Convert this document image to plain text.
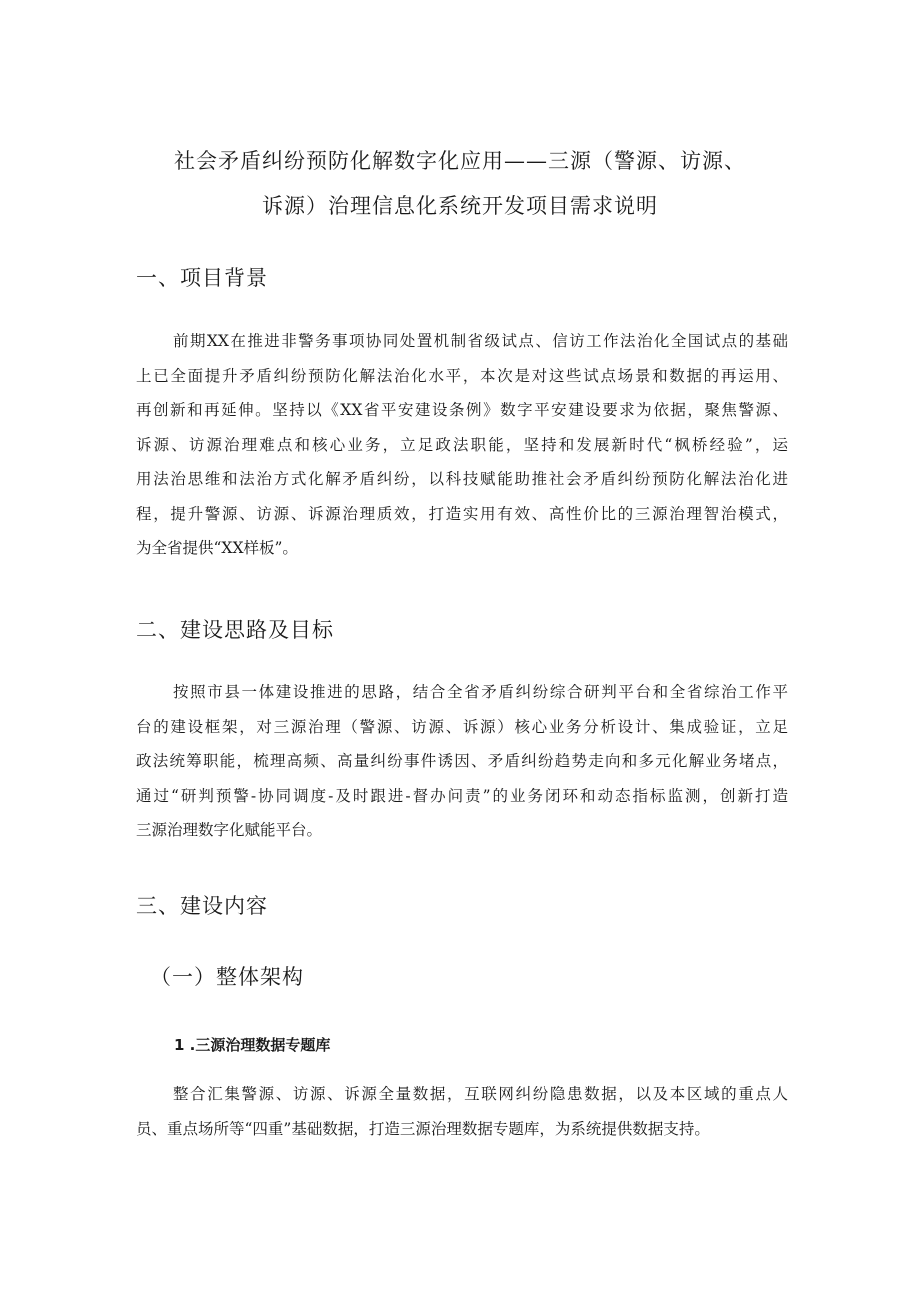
社会矛盾纠纷预防化解数字化应用——三源（警源、访源、
诉源）治理信息化系统开发项目需求说明
一、项目背景
前期XX在推进非警务事项协同处置机制省级试点、信访工作法治化全国试点的基础
上已全面提升矛盾纠纷预防化解法治化水平，本次是对这些试点场景和数据的再运用、
再创新和再延伸。坚持以《XX省平安建设条例》数字平安建设要求为依据，聚焦警源、
诉源、访源治理难点和核心业务，立足政法职能，坚持和发展新时代“枫桥经验”，运
用法治思维和法治方式化解矛盾纠纷，以科技赋能助推社会矛盾纠纷预防化解法治化进
程，提升警源、访源、诉源治理质效，打造实用有效、高性价比的三源治理智治模式，
为全省提供“XX样板”。
二、建设思路及目标
按照市县一体建设推进的思路，结合全省矛盾纠纷综合研判平台和全省综治工作平
台的建设框架，对三源治理（警源、访源、诉源）核心业务分析设计、集成验证，立足
政法统筹职能，梳理高频、高量纠纷事件诱因、矛盾纠纷趋势走向和多元化解业务堵点，
通过“研判预警-协同调度-及时跟进-督办问责”的业务闭环和动态指标监测，创新打造
三源治理数字化赋能平台。
三、建设内容
（一）整体架构
1 .三源治理数据专题库
整合汇集警源、访源、诉源全量数据，互联网纠纷隐患数据，以及本区域的重点人
员、重点场所等“四重”基础数据，打造三源治理数据专题库，为系统提供数据支持。
